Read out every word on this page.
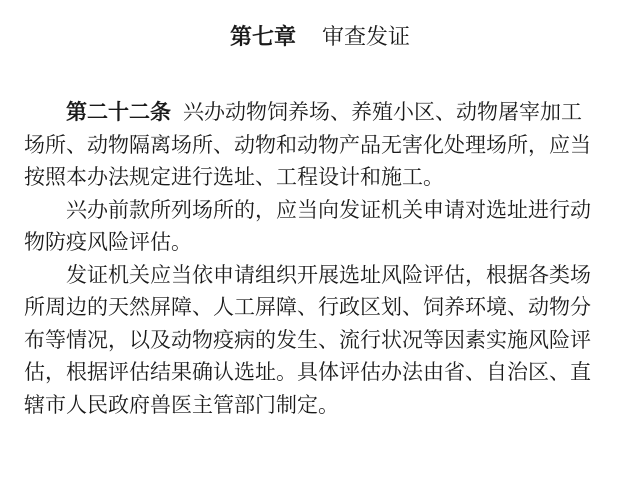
第七章 审查发证
第二十二条 兴办动物饲养场、养殖小区、动物屠宰加工
场所、动物隔离场所、动物和动物产品无害化处理场所，应当
按照本办法规定进行选址、工程设计和施工。
兴办前款所列场所的，应当向发证机关申请对选址进行动
物防疫风险评估。
发证机关应当依申请组织开展选址风险评估，根据各类场
所周边的天然屏障、人工屏障、行政区划、饲养环境、动物分
布等情况，以及动物疫病的发生、流行状况等因素实施风险评
估，根据评估结果确认选址。具体评估办法由省、自治区、直
辖市人民政府兽医主管部门制定。
